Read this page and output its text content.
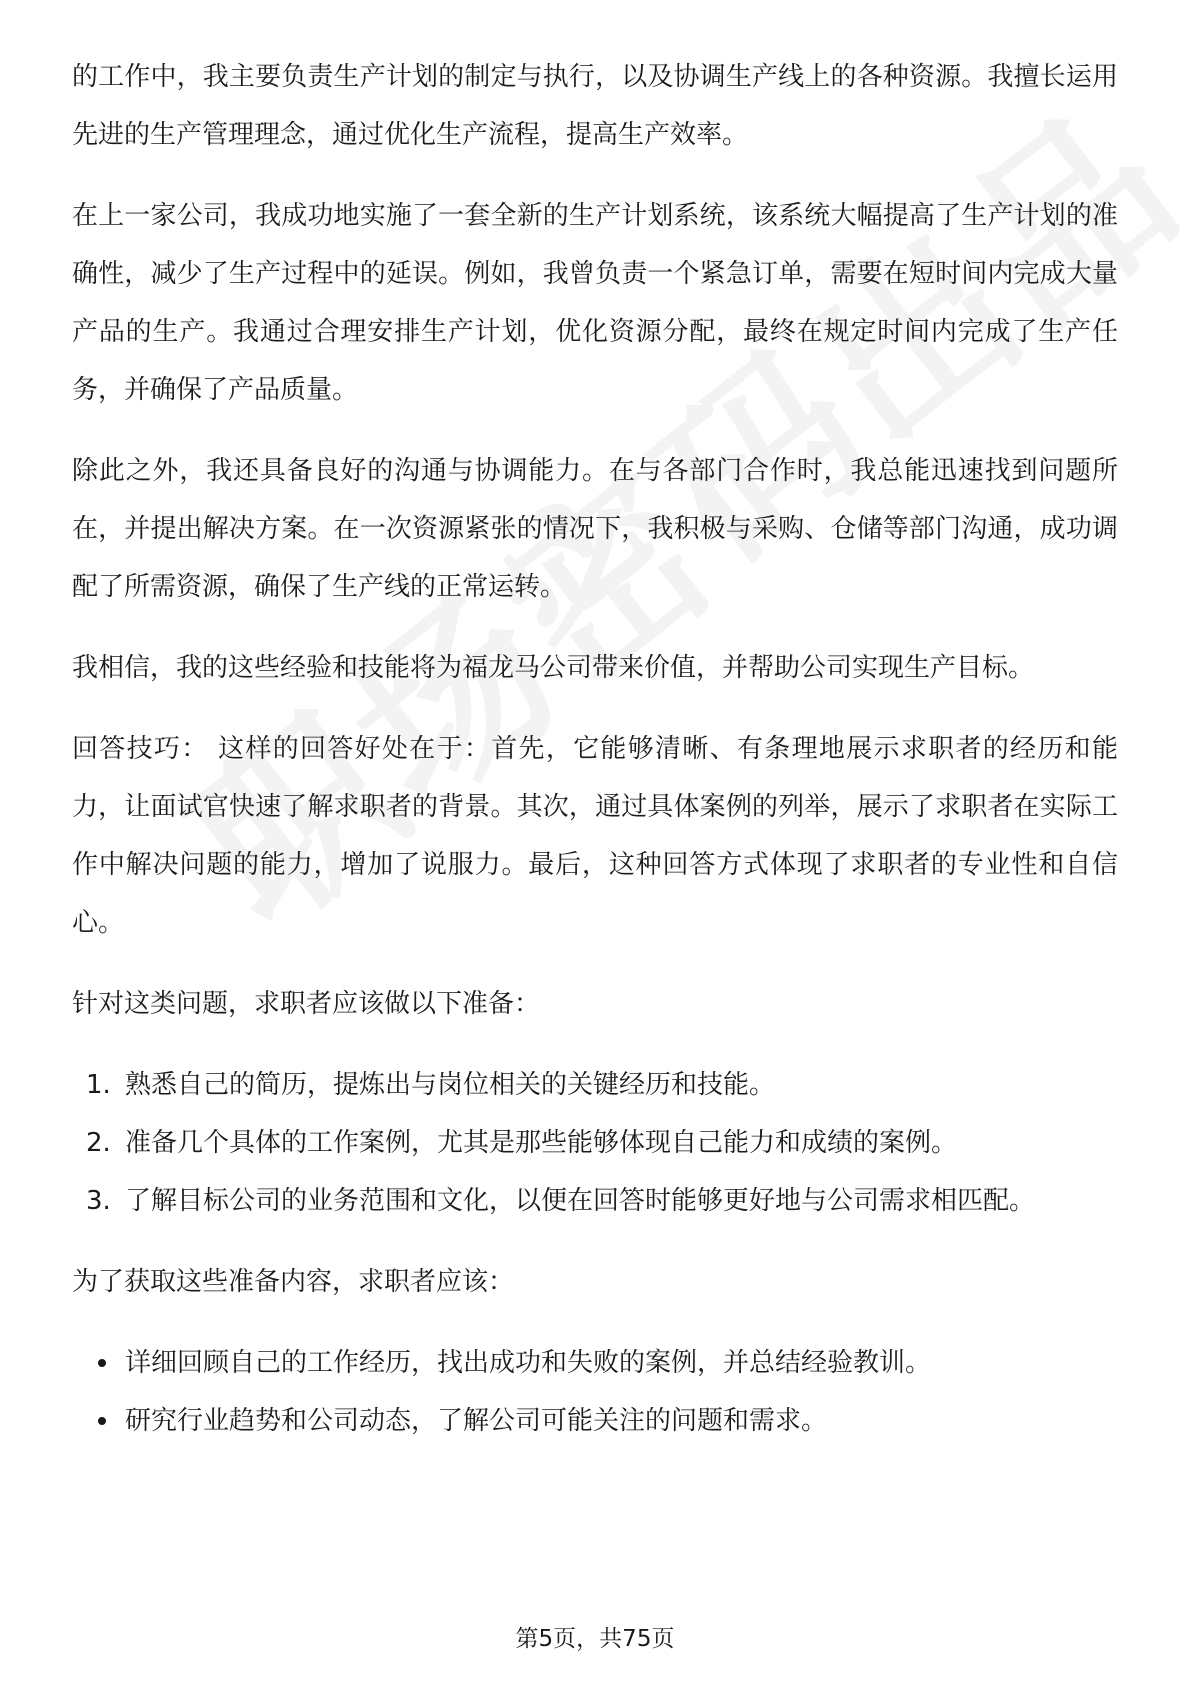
的工作中，我主要负责生产计划的制定与执行，以及协调生产线上的各种资源。我擅长运用先进的生产管理理念，通过优化生产流程，提高生产效率。

在上一家公司，我成功地实施了一套全新的生产计划系统，该系统大幅提高了生产计划的准确性，减少了生产过程中的延误。例如，我曾负责一个紧急订单，需要在短时间内完成大量产品的生产。我通过合理安排生产计划，优化资源分配，最终在规定时间内完成了生产任务，并确保了产品质量。

除此之外，我还具备良好的沟通与协调能力。在与各部门合作时，我总能迅速找到问题所在，并提出解决方案。在一次资源紧张的情况下，我积极与采购、仓储等部门沟通，成功调配了所需资源，确保了生产线的正常运转。

我相信，我的这些经验和技能将为福龙马公司带来价值，并帮助公司实现生产目标。

回答技巧： 这样的回答好处在于：首先，它能够清晰、有条理地展示求职者的经历和能力，让面试官快速了解求职者的背景。其次，通过具体案例的列举，展示了求职者在实际工作中解决问题的能力，增加了说服力。最后，这种回答方式体现了求职者的专业性和自信心。

针对这类问题，求职者应该做以下准备：

1. 熟悉自己的简历，提炼出与岗位相关的关键经历和技能。
2. 准备几个具体的工作案例，尤其是那些能够体现自己能力和成绩的案例。
3. 了解目标公司的业务范围和文化，以便在回答时能够更好地与公司需求相匹配。

为了获取这些准备内容，求职者应该：

详细回顾自己的工作经历，找出成功和失败的案例，并总结经验教训。
研究行业趋势和公司动态，了解公司可能关注的问题和需求。
第5页，共75页
